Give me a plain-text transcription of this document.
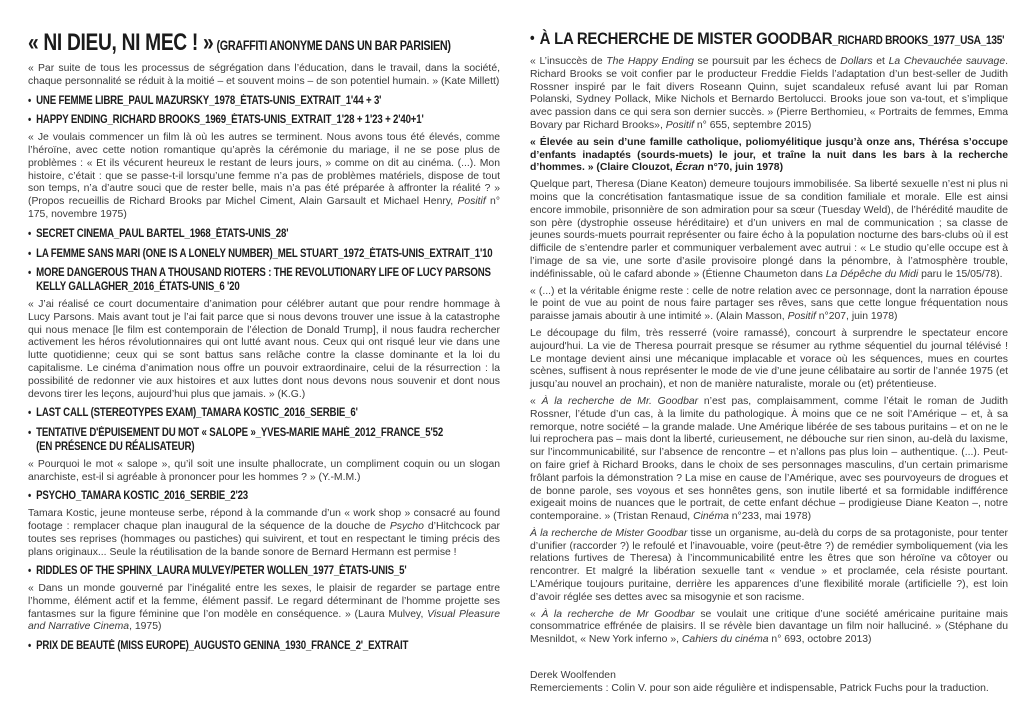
« NI DIEU, NI MEC ! » (GRAFFITI ANONYME DANS UN BAR PARISIEN)

« Par suite de tous les processus de ségrégation dans l’éducation, dans le travail, dans la société, chaque personnalité se réduit à la moitié – et souvent moins – de son potentiel humain. » (Kate Millett)

• UNE FEMME LIBRE_PAUL MAZURSKY_1978_ÉTATS-UNIS_EXTRAIT_1'44 + 3'
• HAPPY ENDING_RICHARD BROOKS_1969_ÉTATS-UNIS_EXTRAIT_1'28 + 1'23 + 2'40+1'

« Je voulais commencer un film là où les autres se terminent. Nous avons tous été élevés, comme l’héroïne, avec cette notion romantique qu’après la cérémonie du mariage, il ne se pose plus de problèmes : « Et ils vécurent heureux le restant de leurs jours, » comme on dit au cinéma. (...). Mon histoire, c’était : que se passe-t-il lorsqu’une femme n’a pas de problèmes matériels, dispose de tout son temps, n’a d’autre souci que de rester belle, mais n’a pas été préparée à affronter la réalité ? » (Propos recueillis de Richard Brooks par Michel Ciment, Alain Garsault et Michael Henry, Positif n° 175, novembre 1975)

• SECRET CINEMA_PAUL BARTEL_1968_ÉTATS-UNIS_28'
• LA FEMME SANS MARI (ONE IS A LONELY NUMBER)_MEL STUART_1972_ÉTATS-UNIS_EXTRAIT_1'10
• MORE DANGEROUS THAN A THOUSAND RIOTERS : THE REVOLUTIONARY LIFE OF LUCY PARSONS
KELLY GALLAGHER_2016_ÉTATS-UNIS_6 '20

« J’ai réalisé ce court documentaire d’animation pour célébrer autant que pour rendre hommage à Lucy Parsons. Mais avant tout je l’ai fait parce que si nous devons trouver une issue à la catastrophe qui nous menace [le film est contemporain de l’élection de Donald Trump], il nous faudra rechercher activement les héros révolutionnaires qui ont lutté avant nous. Ceux qui ont risqué leur vie dans une lutte quotidienne; ceux qui se sont battus sans relâche contre la classe dominante et la loi du capitalisme. Le cinéma d’animation nous offre un pouvoir extraordinaire, celui de la résurrection : la possibilité de redonner vie aux histoires et aux luttes dont nous devons nous souvenir et dont nous devons tirer les leçons, aujourd’hui plus que jamais. » (K.G.)

• LAST CALL (STEREOTYPES EXAM)_TAMARA KOSTIC_2016_SERBIE_6'
• TENTATIVE D'ÉPUISEMENT DU MOT « SALOPE »_YVES-MARIE MAHÉ_2012_FRANCE_5'52
(EN PRÉSENCE DU RÉALISATEUR)

« Pourquoi le mot « salope », qu’il soit une insulte phallocrate, un compliment coquin ou un slogan anarchiste, est-il si agréable à prononcer pour les hommes ? » (Y.-M.M.)

• PSYCHO_TAMARA KOSTIC_2016_SERBIE_2'23

Tamara Kostic, jeune monteuse serbe, répond à la commande d’un « work shop » consacré au found footage : remplacer chaque plan inaugural de la séquence de la douche de Psycho d’Hitchcock par toutes ses reprises (hommages ou pastiches) qui suivirent, et tout en respectant le timing précis des plans originaux... Seule la réutilisation de la bande sonore de Bernard Hermann est permise !

• RIDDLES OF THE SPHINX_LAURA MULVEY/PETER WOLLEN_1977_ÉTATS-UNIS_5'

« Dans un monde gouverné par l’inégalité entre les sexes, le plaisir de regarder se partage entre l’homme, élément actif et la femme, élément passif. Le regard déterminant de l’homme projette ses fantasmes sur la figure féminine que l’on modèle en conséquence. » (Laura Mulvey, Visual Pleasure and Narrative Cinema, 1975)

• PRIX DE BEAUTÉ (MISS EUROPE)_AUGUSTO GENINA_1930_FRANCE_2'_EXTRAIT
• À LA RECHERCHE DE MISTER GOODBAR_RICHARD BROOKS_1977_USA_135'

« L’insuccès de The Happy Ending se poursuit par les échecs de Dollars et La Chevauchée sauvage. Richard Brooks se voit confier par le producteur Freddie Fields l’adaptation d’un best-seller de Judith Rossner inspiré par le fait divers Roseann Quinn, sujet scandaleux refusé avant lui par Roman Polanski, Sydney Pollack, Mike Nichols et Bernardo Bertolucci. Brooks joue son va-tout, et s’implique avec passion dans ce qui sera son dernier succès. » (Pierre Berthomieu, « Portraits de femmes, Emma Bovary par Richard Brooks», Positif n° 655, septembre 2015)

« Élevée au sein d’une famille catholique, poliomyélitique jusqu’à onze ans, Thérésa s’occupe d’enfants inadaptés (sourds-muets) le jour, et traîne la nuit dans les bars à la recherche d’hommes. » (Claire Clouzot, Écran n°70, juin 1978)

Quelque part, Theresa (Diane Keaton) demeure toujours immobilisée. Sa liberté sexuelle n’est ni plus ni moins que la concrétisation fantasmatique issue de sa condition familiale et morale. Elle est ainsi encore immobile, prisonnière de son admiration pour sa sœur (Tuesday Weld), de l’hérédité maudite de son père (dystrophie osseuse héréditaire) et d’un univers en mal de communication ; sa classe de jeunes sourds-muets pourrait représenter ou faire écho à la population nocturne des bars-clubs où il est difficile de s’entendre parler et communiquer verbalement avec autrui : « Le studio qu’elle occupe est à l’image de sa vie, une sorte d’asile provisoire plongé dans la pénombre, à l’atmosphère trouble, indéfinissable, où le cafard abonde » (Étienne Chaumeton dans La Dépêche du Midi paru le 15/05/78).

« (...) et la véritable énigme reste : celle de notre relation avec ce personnage, dont la narration épouse le point de vue au point de nous faire partager ses rêves, sans que cette longue fréquentation nous paraisse jamais aboutir à une intimité ». (Alain Masson, Positif n°207, juin 1978)

Le découpage du film, très resserré (voire ramassé), concourt à surprendre le spectateur encore aujourd'hui. La vie de Theresa pourrait presque se résumer au rythme séquentiel du journal télévisé ! Le montage devient ainsi une mécanique implacable et vorace où les séquences, mues en courtes scènes, suffisent à nous représenter le mode de vie d’une jeune célibataire au sortir de l’année 1975 (et jusqu’au nouvel an prochain), et non de manière naturaliste, morale ou (et) prétentieuse.

« À la recherche de Mr. Goodbar n’est pas, complaisamment, comme l’était le roman de Judith Rossner, l’étude d’un cas, à la limite du pathologique. À moins que ce ne soit l’Amérique – et, à sa remorque, notre société – la grande malade. Une Amérique libérée de ses tabous puritains – et on ne le lui reprochera pas – mais dont la liberté, curieusement, ne débouche sur rien sinon, au-delà du laxisme, sur l’incommunicabilité, sur l’absence de rencontre – et n’allons pas plus loin – authentique. (...). Peut-on faire grief à Richard Brooks, dans le choix de ses personnages masculins, d’un certain primarisme frôlant parfois la démonstration ? La mise en cause de l’Amérique, avec ses pourvoyeurs de drogues et de bonne parole, ses voyous et ses honnêtes gens, son inutile liberté et sa formidable indifférence exigeait moins de nuances que le portrait, de cette enfant déchue – prodigieuse Diane Keaton –, notre contemporaine. » (Tristan Renaud, Cinéma n°233, mai 1978)

À la recherche de Mister Goodbar tisse un organisme, au-delà du corps de sa protagoniste, pour tenter d’unifier (raccorder ?) le refoulé et l’inavouable, voire (peut-être ?) de remédier symboliquement (via les relations furtives de Theresa) à l’incommunicabilité entre les êtres que son héroïne va côtoyer ou rencontrer. Et malgré la libération sexuelle tant « vendue » et proclamée, cela résiste pourtant. L’Amérique toujours puritaine, derrière les apparences d’une flexibilité morale (artificielle ?), est loin d’avoir réglée ses dettes avec sa misogynie et son racisme.

« À la recherche de Mr Goodbar se voulait une critique d’une société américaine puritaine mais consommatrice effrénée de plaisirs. Il se révèle bien davantage un film noir halluciné. » (Stéphane du Mesnildot, « New York inferno », Cahiers du cinéma n° 693, octobre 2013)

Derek Woolfenden
Remerciements : Colin V. pour son aide régulière et indispensable, Patrick Fuchs pour la traduction.
